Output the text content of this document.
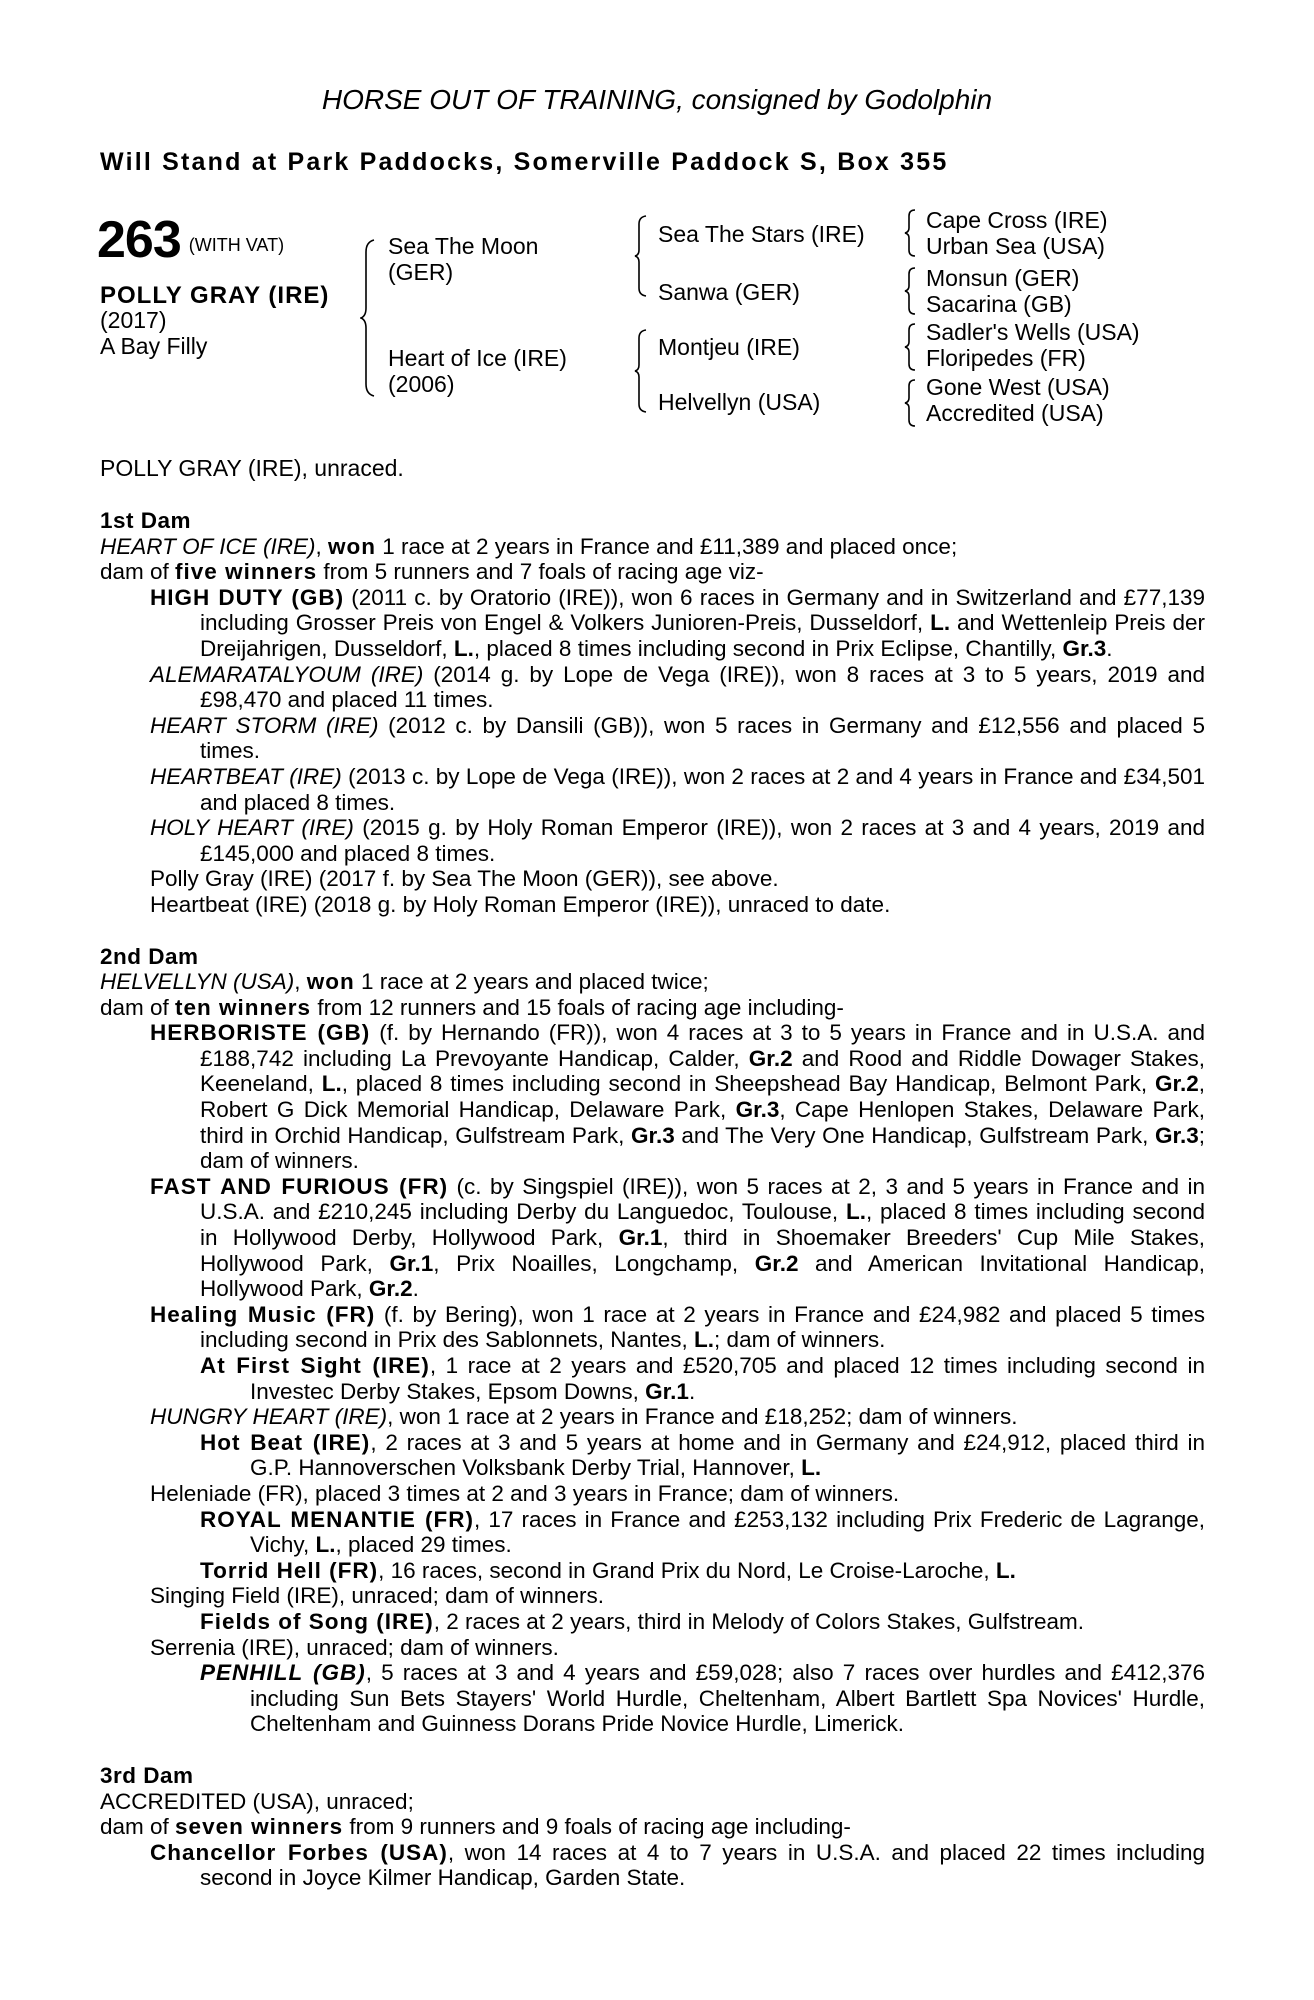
HORSE OUT OF TRAINING, consigned by Godolphin
Will Stand at Park Paddocks, Somerville Paddock S, Box 355
263 (WITH VAT)
POLLY GRAY (IRE)
(2017)
A Bay Filly
Sea The Moon
(GER)
Heart of Ice (IRE)
(2006)
Sea The Stars (IRE)
Sanwa (GER)
Montjeu (IRE)
Helvellyn (USA)
Cape Cross (IRE)
Urban Sea (USA)
Monsun (GER)
Sacarina (GB)
Sadler's Wells (USA)
Floripedes (FR)
Gone West (USA)
Accredited (USA)
POLLY GRAY (IRE), unraced.

1st Dam

HEART OF ICE (IRE), won 1 race at 2 years in France and £11,389 and placed once;

dam of five winners from 5 runners and 7 foals of racing age viz-

HIGH DUTY (GB) (2011 c. by Oratorio (IRE)), won 6 races in Germany and in Switzerland and £77,139 including Grosser Preis von Engel & Volkers Junioren-Preis, Dusseldorf, L. and Wettenleip Preis der Dreijahrigen, Dusseldorf, L., placed 8 times including second in Prix Eclipse, Chantilly, Gr.3.

ALEMARATALYOUM (IRE) (2014 g. by Lope de Vega (IRE)), won 8 races at 3 to 5 years, 2019 and £98,470 and placed 11 times.

HEART STORM (IRE) (2012 c. by Dansili (GB)), won 5 races in Germany and £12,556 and placed 5 times.

HEARTBEAT (IRE) (2013 c. by Lope de Vega (IRE)), won 2 races at 2 and 4 years in France and £34,501 and placed 8 times.

HOLY HEART (IRE) (2015 g. by Holy Roman Emperor (IRE)), won 2 races at 3 and 4 years, 2019 and £145,000 and placed 8 times.

Polly Gray (IRE) (2017 f. by Sea The Moon (GER)), see above.

Heartbeat (IRE) (2018 g. by Holy Roman Emperor (IRE)), unraced to date.

2nd Dam

HELVELLYN (USA), won 1 race at 2 years and placed twice;

dam of ten winners from 12 runners and 15 foals of racing age including-

HERBORISTE (GB) (f. by Hernando (FR)), won 4 races at 3 to 5 years in France and in U.S.A. and £188,742 including La Prevoyante Handicap, Calder, Gr.2 and Rood and Riddle Dowager Stakes, Keeneland, L., placed 8 times including second in Sheepshead Bay Handicap, Belmont Park, Gr.2, Robert G Dick Memorial Handicap, Delaware Park, Gr.3, Cape Henlopen Stakes, Delaware Park, third in Orchid Handicap, Gulfstream Park, Gr.3 and The Very One Handicap, Gulfstream Park, Gr.3; dam of winners.

FAST AND FURIOUS (FR) (c. by Singspiel (IRE)), won 5 races at 2, 3 and 5 years in France and in U.S.A. and £210,245 including Derby du Languedoc, Toulouse, L., placed 8 times including second in Hollywood Derby, Hollywood Park, Gr.1, third in Shoemaker Breeders' Cup Mile Stakes, Hollywood Park, Gr.1, Prix Noailles, Longchamp, Gr.2 and American Invitational Handicap, Hollywood Park, Gr.2.

Healing Music (FR) (f. by Bering), won 1 race at 2 years in France and £24,982 and placed 5 times including second in Prix des Sablonnets, Nantes, L.; dam of winners.

At First Sight (IRE), 1 race at 2 years and £520,705 and placed 12 times including second in Investec Derby Stakes, Epsom Downs, Gr.1.

HUNGRY HEART (IRE), won 1 race at 2 years in France and £18,252; dam of winners.

Hot Beat (IRE), 2 races at 3 and 5 years at home and in Germany and £24,912, placed third in G.P. Hannoverschen Volksbank Derby Trial, Hannover, L.

Heleniade (FR), placed 3 times at 2 and 3 years in France; dam of winners.

ROYAL MENANTIE (FR), 17 races in France and £253,132 including Prix Frederic de Lagrange, Vichy, L., placed 29 times.

Torrid Hell (FR), 16 races, second in Grand Prix du Nord, Le Croise-Laroche, L.

Singing Field (IRE), unraced; dam of winners.

Fields of Song (IRE), 2 races at 2 years, third in Melody of Colors Stakes, Gulfstream.

Serrenia (IRE), unraced; dam of winners.

PENHILL (GB), 5 races at 3 and 4 years and £59,028; also 7 races over hurdles and £412,376 including Sun Bets Stayers' World Hurdle, Cheltenham, Albert Bartlett Spa Novices' Hurdle, Cheltenham and Guinness Dorans Pride Novice Hurdle, Limerick.

3rd Dam

ACCREDITED (USA), unraced;

dam of seven winners from 9 runners and 9 foals of racing age including-

Chancellor Forbes (USA), won 14 races at 4 to 7 years in U.S.A. and placed 22 times including second in Joyce Kilmer Handicap, Garden State.
